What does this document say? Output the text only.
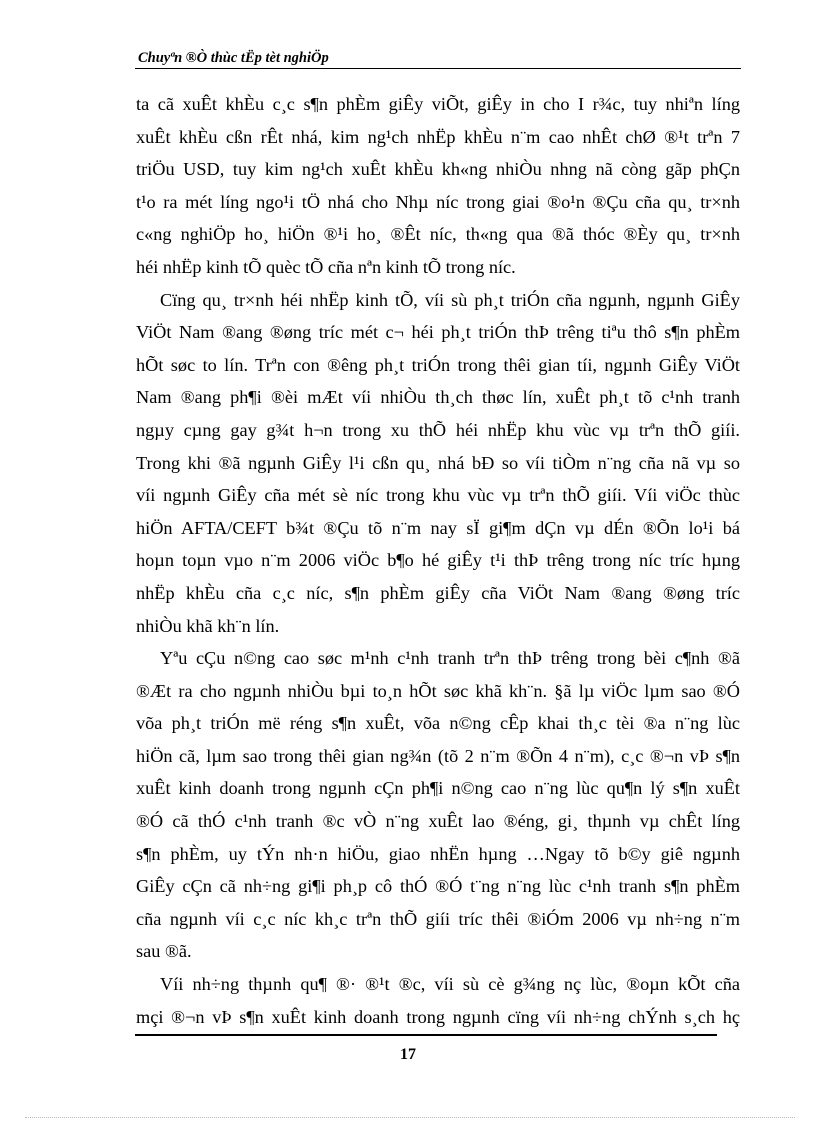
Chuyªn ®Ò thùc tËp tèt nghiÖp
ta cã xuÊt khÈu c¸c s¶n phÈm giÊy viÕt, giÊy in cho I r¾c, tuy nhiªn líng
xuÊt khÈu cßn rÊt nhá, kim ng¹ch nhËp khÈu n¨m cao nhÊt chØ ®¹t trªn 7
triÖu USD, tuy kim ng¹ch xuÊt khÈu kh«ng nhiÒu nhng nã còng gãp phÇn
t¹o ra mét líng ngo¹i tÖ nhá cho Nhµ níc trong giai ®o¹n ®Çu cña qu¸ tr×nh
c«ng nghiÖp ho¸ hiÖn ®¹i ho¸ ®Êt níc, th«ng qua ®ã thóc ®Èy qu¸ tr×nh
héi nhËp kinh tÕ quèc tÕ cña nªn kinh tÕ trong níc.
Cïng qu¸ tr×nh héi nhËp kinh tÕ, víi sù ph¸t triÓn cña ngµnh, ngµnh GiÊy
ViÖt Nam ®ang ®øng tríc mét c¬ héi ph¸t triÓn thÞ trêng tiªu thô s¶n phÈm
hÕt søc to lín. Trªn con ®êng ph¸t triÓn trong thêi gian tíi, ngµnh GiÊy ViÖt
Nam ®ang ph¶i ®èi mÆt víi nhiÒu th¸ch thøc lín, xuÊt ph¸t tõ c¹nh tranh
ngµy cµng gay g¾t h¬n trong xu thÕ héi nhËp khu vùc vµ trªn thÕ giíi.
Trong khi ®ã ngµnh GiÊy l¹i cßn qu¸ nhá bÐ so víi tiÒm n¨ng cña nã vµ so
víi ngµnh GiÊy cña mét sè níc trong khu vùc vµ trªn thÕ giíi. Víi viÖc thùc
hiÖn AFTA/CEFT b¾t ®Çu tõ n¨m nay sÏ gi¶m dÇn vµ dÉn ®Õn lo¹i bá
hoµn toµn vµo n¨m 2006 viÖc b¶o hé giÊy t¹i thÞ trêng trong níc tríc hµng
nhËp khÈu cña c¸c níc, s¶n phÈm giÊy cña ViÖt Nam ®ang ®øng tríc
nhiÒu khã kh¨n lín.
Yªu cÇu n©ng cao søc m¹nh c¹nh tranh trªn thÞ trêng trong bèi c¶nh ®ã
®Æt ra cho ngµnh nhiÒu bµi to¸n hÕt søc khã kh¨n. §ã lµ viÖc lµm sao ®Ó
võa ph¸t triÓn më réng s¶n xuÊt, võa n©ng cÊp khai th¸c tèi ®a n¨ng lùc
hiÖn cã, lµm sao trong thêi gian ng¾n (tõ 2 n¨m ®Õn 4 n¨m), c¸c ®¬n vÞ s¶n
xuÊt kinh doanh trong ngµnh cÇn ph¶i n©ng cao n¨ng lùc qu¶n lý s¶n xuÊt
®Ó cã thÓ c¹nh tranh ®c vÒ n¨ng xuÊt lao ®éng, gi¸ thµnh vµ chÊt líng
s¶n phÈm, uy tÝn nh·n hiÖu, giao nhËn hµng …Ngay tõ b©y giê ngµnh
GiÊy cÇn cã nh÷ng gi¶i ph¸p cô thÓ ®Ó t¨ng n¨ng lùc c¹nh tranh s¶n phÈm
cña ngµnh víi c¸c níc kh¸c trªn thÕ giíi tríc thêi ®iÓm 2006 vµ nh÷ng n¨m
sau ®ã.
Víi nh÷ng thµnh qu¶ ®· ®¹t ®c, víi sù cè g¾ng nç lùc, ®oµn kÕt cña
mçi ®¬n vÞ s¶n xuÊt kinh doanh trong ngµnh cïng víi nh÷ng chÝnh s¸ch hç
17
